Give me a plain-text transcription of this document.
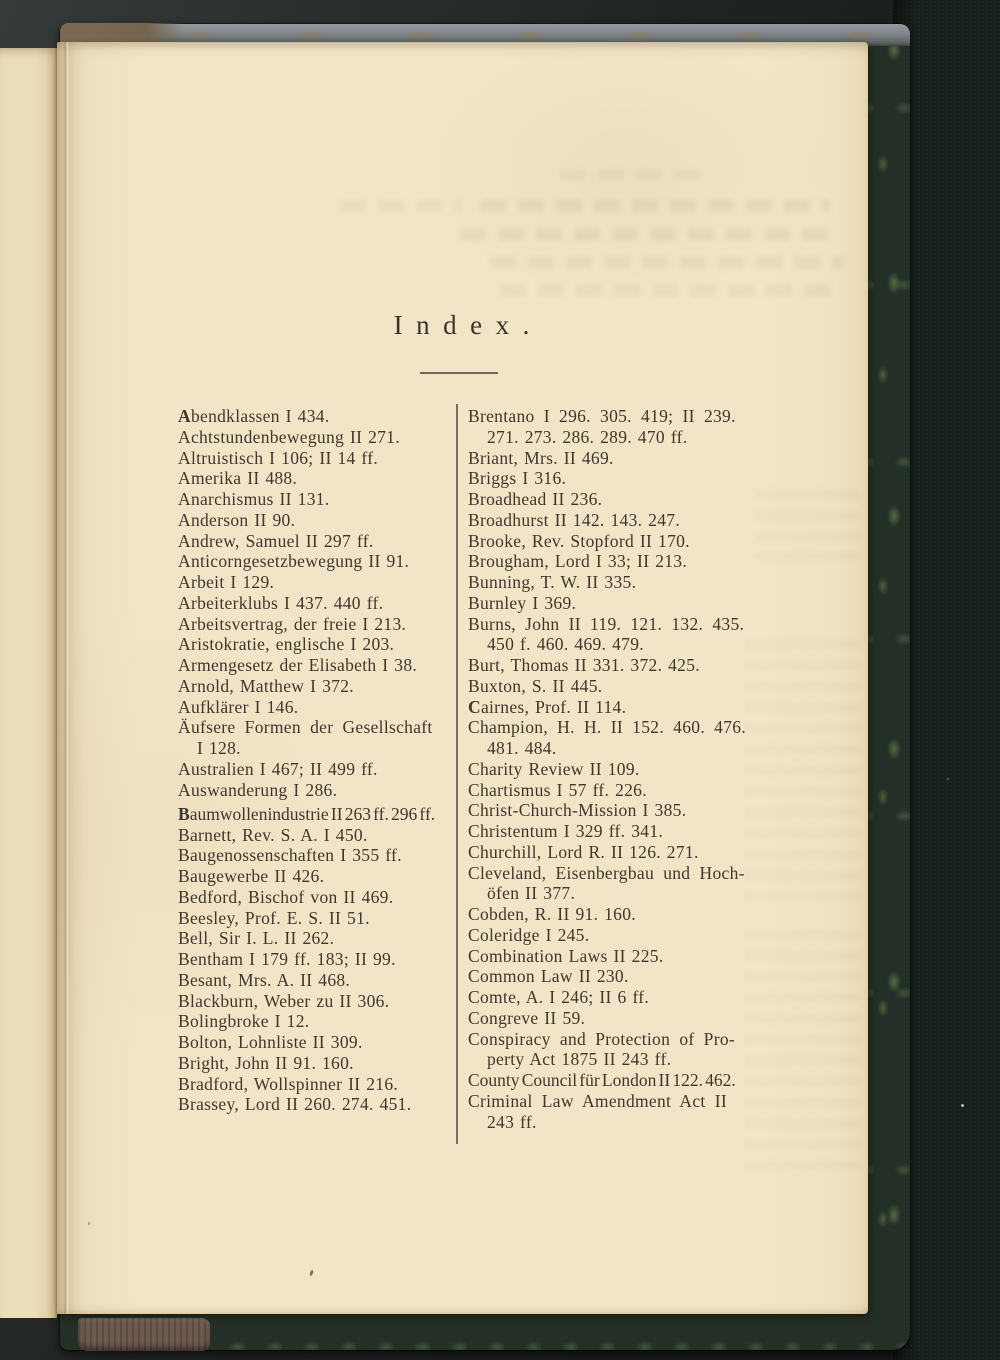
Index.
Abendklassen I 434.
Achtstundenbewegung II 271.
Altruistisch I 106; II 14 ff.
Amerika II 488.
Anarchismus II 131.
Anderson II 90.
Andrew, Samuel II 297 ff.
Anticorngesetzbewegung II 91.
Arbeit I 129.
Arbeiterklubs I 437. 440 ff.
Arbeitsvertrag, der freie I 213.
Aristokratie, englische I 203.
Armengesetz der Elisabeth I 38.
Arnold, Matthew I 372.
Aufklärer I 146.
Äufsere Formen der Gesellschaft
I 128.
Australien I 467; II 499 ff.
Auswanderung I 286.
Baumwollenindustrie II 263 ff. 296 ff.
Barnett, Rev. S. A. I 450.
Baugenossenschaften I 355 ff.
Baugewerbe II 426.
Bedford, Bischof von II 469.
Beesley, Prof. E. S. II 51.
Bell, Sir I. L. II 262.
Bentham I 179 ff. 183; II 99.
Besant, Mrs. A. II 468.
Blackburn, Weber zu II 306.
Bolingbroke I 12.
Bolton, Lohnliste II 309.
Bright, John II 91. 160.
Bradford, Wollspinner II 216.
Brassey, Lord II 260. 274. 451.
Brentano I 296. 305. 419; II 239.
271. 273. 286. 289. 470 ff.
Briant, Mrs. II 469.
Briggs I 316.
Broadhead II 236.
Broadhurst II 142. 143. 247.
Brooke, Rev. Stopford II 170.
Brougham, Lord I 33; II 213.
Bunning, T. W. II 335.
Burnley I 369.
Burns, John II 119. 121. 132. 435.
450 f. 460. 469. 479.
Burt, Thomas II 331. 372. 425.
Buxton, S. II 445.
Cairnes, Prof. II 114.
Champion, H. H. II 152. 460. 476.
481. 484.
Charity Review II 109.
Chartismus I 57 ff. 226.
Christ-Church-Mission I 385.
Christentum I 329 ff. 341.
Churchill, Lord R. II 126. 271.
Cleveland, Eisenbergbau und Hoch-
öfen II 377.
Cobden, R. II 91. 160.
Coleridge I 245.
Combination Laws II 225.
Common Law II 230.
Comte, A. I 246; II 6 ff.
Congreve II 59.
Conspiracy and Protection of Pro-
perty Act 1875 II 243 ff.
County Council für London II 122. 462.
Criminal Law Amendment Act II
243 ff.
